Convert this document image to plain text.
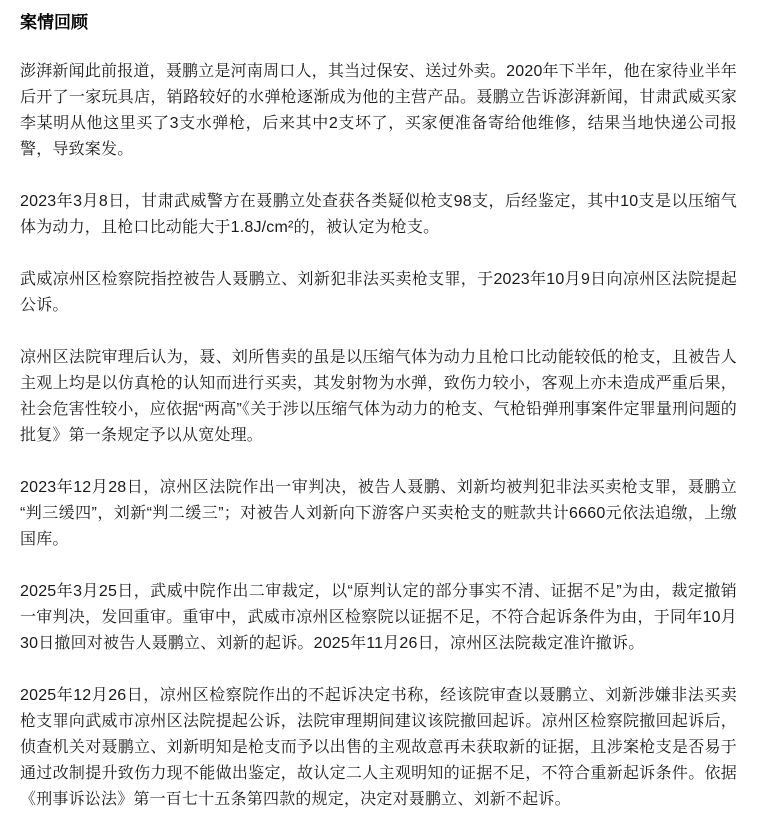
案情回顾

澎湃新闻此前报道，聂鹏立是河南周口人，其当过保安、送过外卖。2020年下半年，他在家待业半年后开了一家玩具店，销路较好的水弹枪逐渐成为他的主营产品。聂鹏立告诉澎湃新闻，甘肃武威买家李某明从他这里买了3支水弹枪，后来其中2支坏了，买家便准备寄给他维修，结果当地快递公司报警，导致案发。

2023年3月8日，甘肃武威警方在聂鹏立处查获各类疑似枪支98支，后经鉴定，其中10支是以压缩气体为动力，且枪口比动能大于1.8J/cm²的，被认定为枪支。

武威凉州区检察院指控被告人聂鹏立、刘新犯非法买卖枪支罪，于2023年10月9日向凉州区法院提起公诉。

凉州区法院审理后认为，聂、刘所售卖的虽是以压缩气体为动力且枪口比动能较低的枪支，且被告人主观上均是以仿真枪的认知而进行买卖，其发射物为水弹，致伤力较小，客观上亦未造成严重后果，社会危害性较小，应依据“两高”《关于涉以压缩气体为动力的枪支、气枪铅弹刑事案件定罪量刑问题的批复》第一条规定予以从宽处理。

2023年12月28日，凉州区法院作出一审判决，被告人聂鹏、刘新均被判犯非法买卖枪支罪，聂鹏立“判三缓四”，刘新“判二缓三”；对被告人刘新向下游客户买卖枪支的赃款共计6660元依法追缴，上缴国库。

2025年3月25日，武威中院作出二审裁定，以“原判认定的部分事实不清、证据不足”为由，裁定撤销一审判决，发回重审。重审中，武威市凉州区检察院以证据不足，不符合起诉条件为由，于同年10月30日撤回对被告人聂鹏立、刘新的起诉。2025年11月26日，凉州区法院裁定准许撤诉。

2025年12月26日，凉州区检察院作出的不起诉决定书称，经该院审查以聂鹏立、刘新涉嫌非法买卖枪支罪向武威市凉州区法院提起公诉，法院审理期间建议该院撤回起诉。凉州区检察院撤回起诉后，侦查机关对聂鹏立、刘新明知是枪支而予以出售的主观故意再未获取新的证据，且涉案枪支是否易于通过改制提升致伤力现不能做出鉴定，故认定二人主观明知的证据不足，不符合重新起诉条件。依据《刑事诉讼法》第一百七十五条第四款的规定，决定对聂鹏立、刘新不起诉。
